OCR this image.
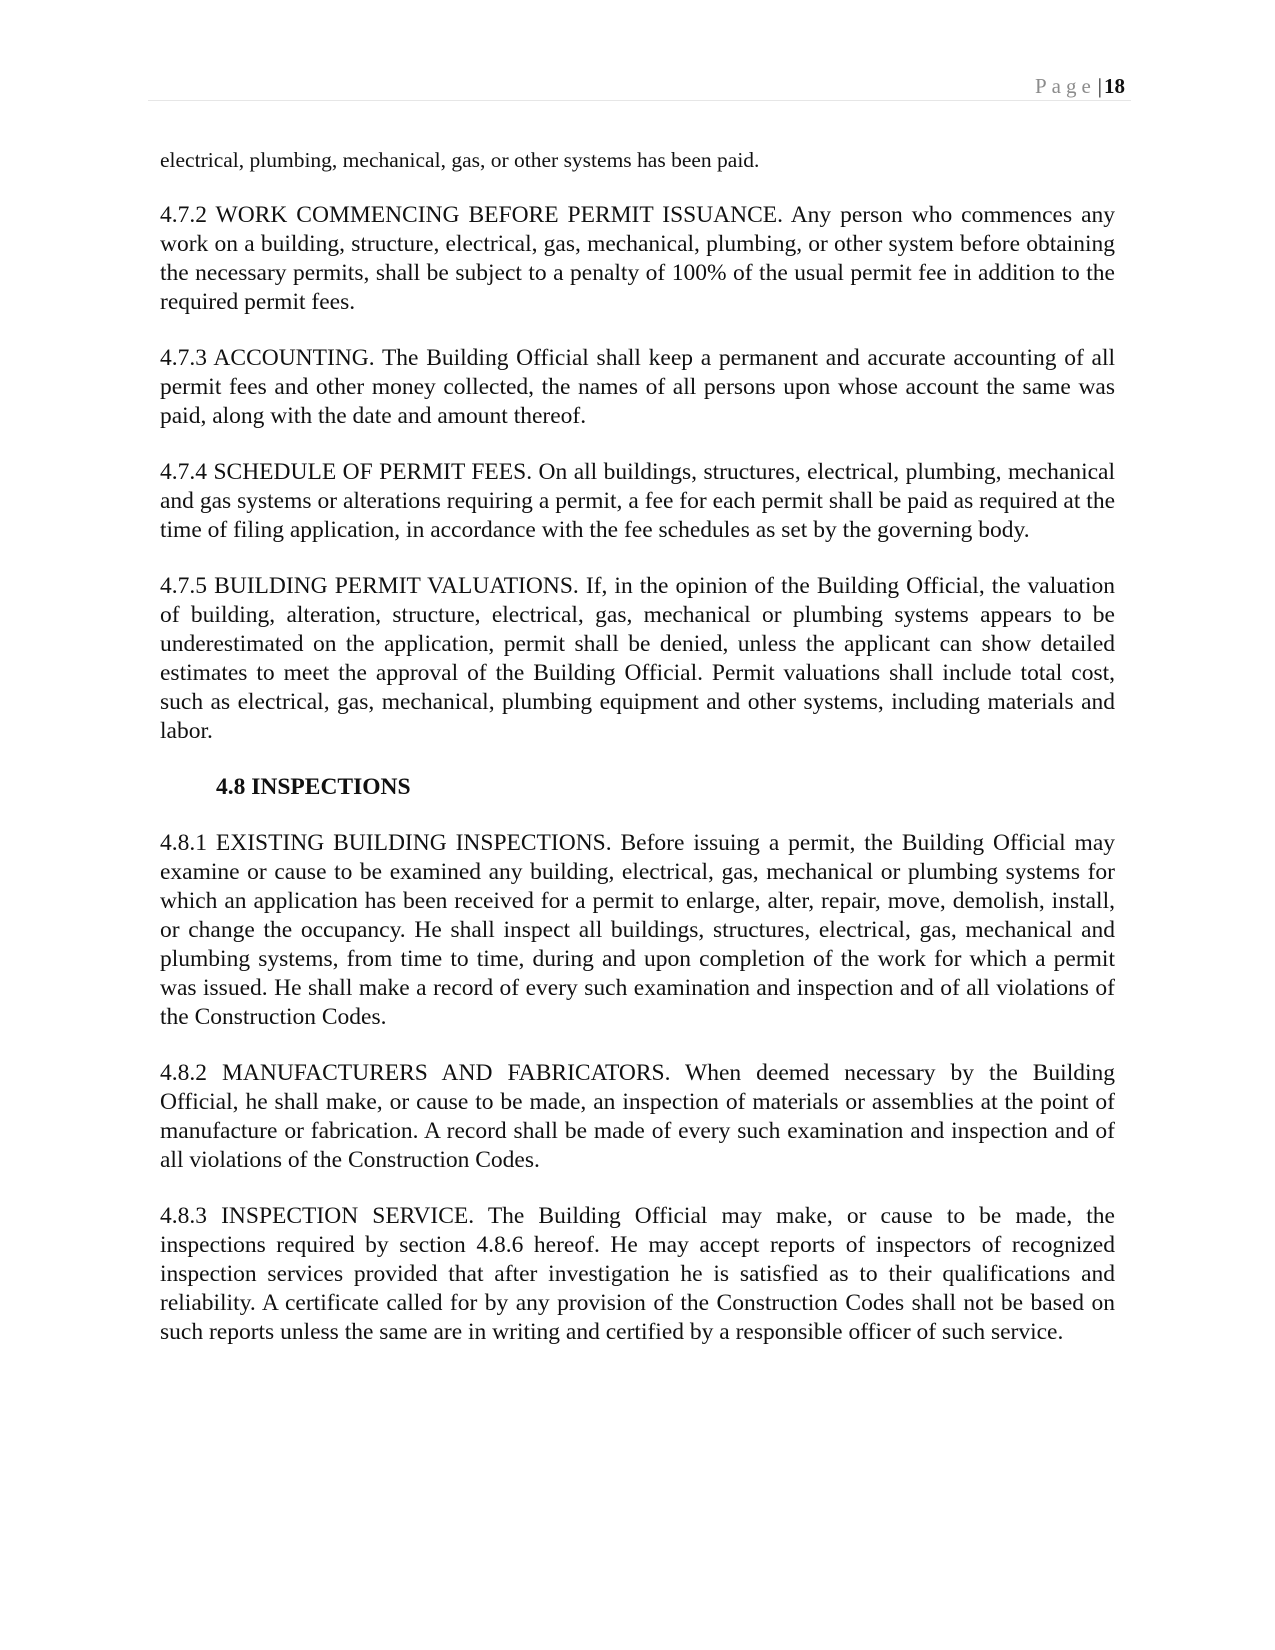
Page|18

electrical, plumbing, mechanical, gas, or other systems has been paid.

4.7.2 WORK COMMENCING BEFORE PERMIT ISSUANCE. Any person who commences any work on a building, structure, electrical, gas, mechanical, plumbing, or other system before obtaining the necessary permits, shall be subject to a penalty of 100% of the usual permit fee in addition to the required permit fees.

4.7.3 ACCOUNTING. The Building Official shall keep a permanent and accurate accounting of all permit fees and other money collected, the names of all persons upon whose account the same was paid, along with the date and amount thereof.

4.7.4 SCHEDULE OF PERMIT FEES. On all buildings, structures, electrical, plumbing, mechanical and gas systems or alterations requiring a permit, a fee for each permit shall be paid as required at the time of filing application, in accordance with the fee schedules as set by the governing body.

4.7.5 BUILDING PERMIT VALUATIONS. If, in the opinion of the Building Official, the valuation of building, alteration, structure, electrical, gas, mechanical or plumbing systems appears to be underestimated on the application, permit shall be denied, unless the applicant can show detailed estimates to meet the approval of the Building Official. Permit valuations shall include total cost, such as electrical, gas, mechanical, plumbing equipment and other systems, including materials and labor.

4.8 INSPECTIONS

4.8.1 EXISTING BUILDING INSPECTIONS. Before issuing a permit, the Building Official may examine or cause to be examined any building, electrical, gas, mechanical or plumbing systems for which an application has been received for a permit to enlarge, alter, repair, move, demolish, install, or change the occupancy. He shall inspect all buildings, structures, electrical, gas, mechanical and plumbing systems, from time to time, during and upon completion of the work for which a permit was issued. He shall make a record of every such examination and inspection and of all violations of the Construction Codes.

4.8.2 MANUFACTURERS AND FABRICATORS. When deemed necessary by the Building Official, he shall make, or cause to be made, an inspection of materials or assemblies at the point of manufacture or fabrication. A record shall be made of every such examination and inspection and of all violations of the Construction Codes.

4.8.3 INSPECTION SERVICE. The Building Official may make, or cause to be made, the inspections required by section 4.8.6 hereof. He may accept reports of inspectors of recognized inspection services provided that after investigation he is satisfied as to their qualifications and reliability. A certificate called for by any provision of the Construction Codes shall not be based on such reports unless the same are in writing and certified by a responsible officer of such service.
